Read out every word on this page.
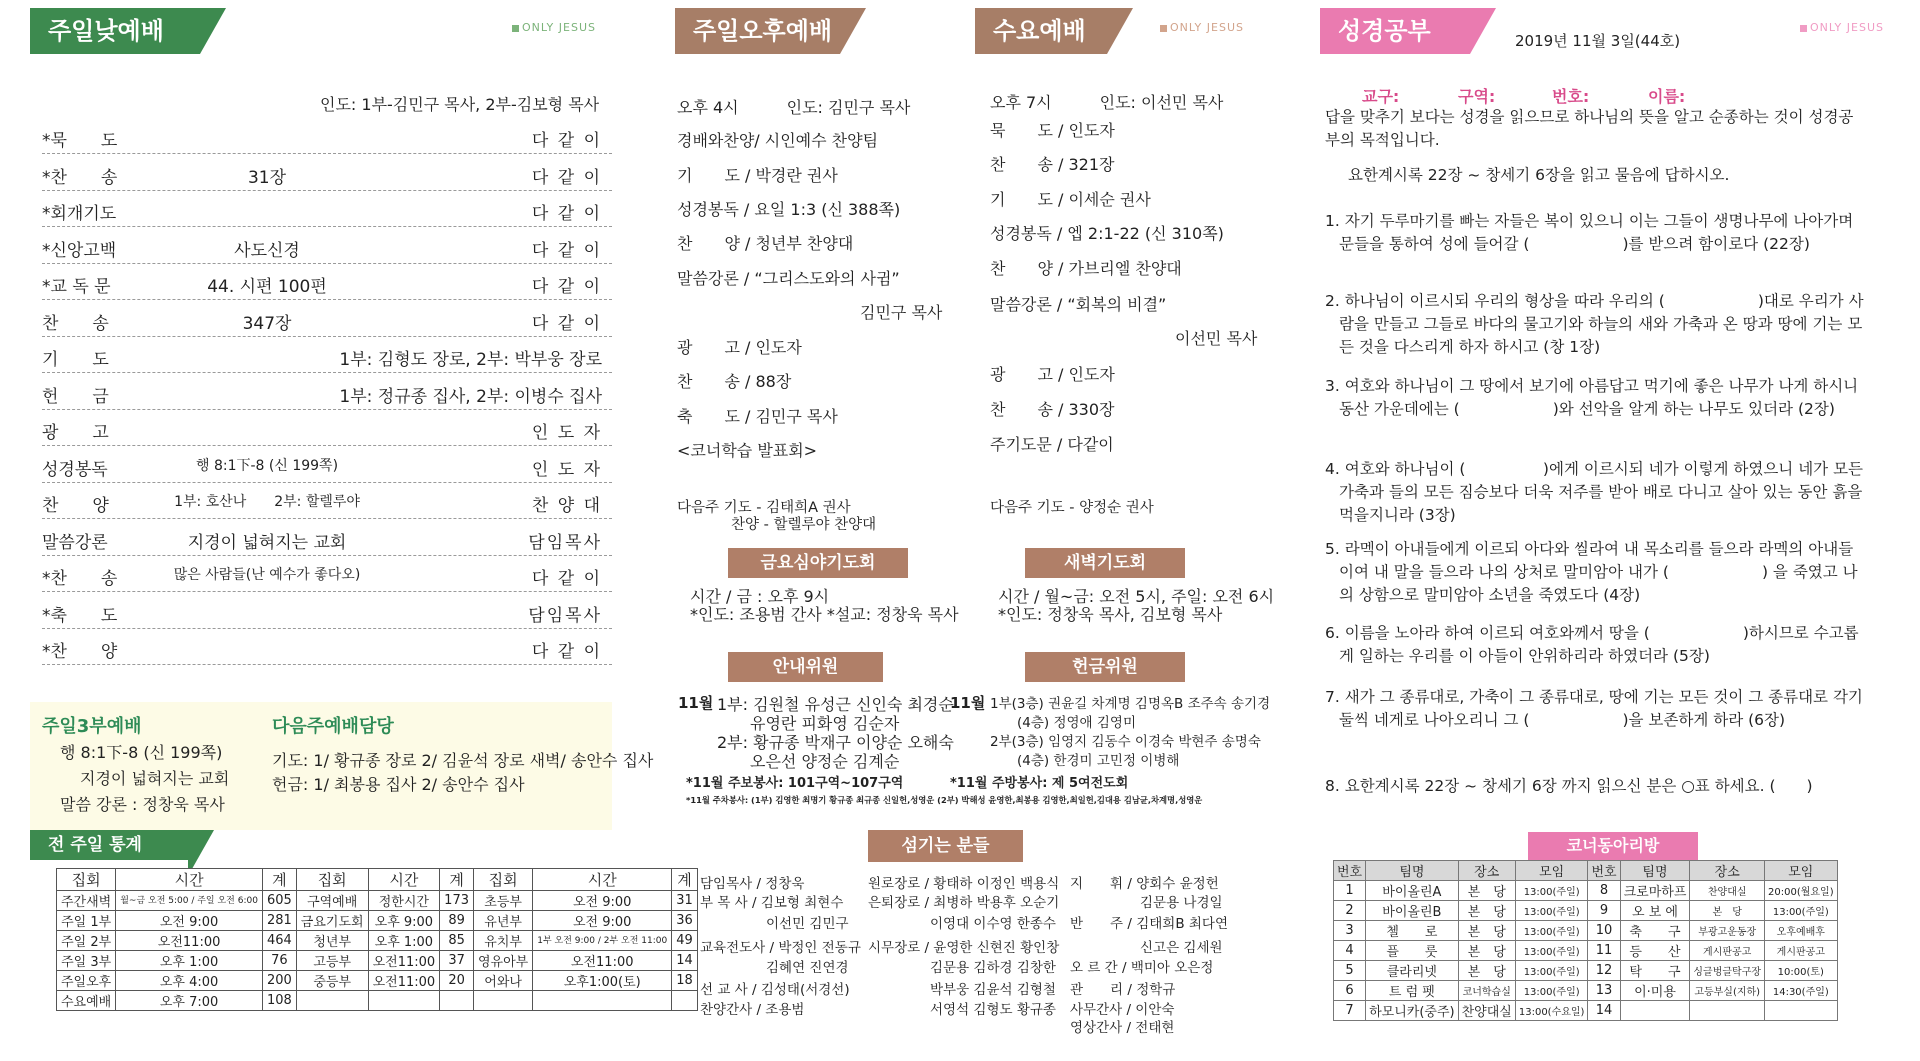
주일낮예배	ONLY JESUS
인도: 1부-김민구 목사, 2부-김보형 목사
*묵　　도	다 같 이
*찬　　송	31장	다 같 이
*회개기도	다 같 이
*신앙고백	사도신경	다 같 이
*교 독 문	44. 시편 100편	다 같 이
찬　　송	347장	다 같 이
기　　도	1부: 김형도 장로, 2부: 박부웅 장로
헌　　금	1부: 정규종 집사, 2부: 이병수 집사
광　　고	인 도 자
성경봉독	행 8:1下-8 (신 199쪽)	인 도 자
찬　　양	1부: 호산나　　2부: 할렐루야	찬 양 대
말씀강론	지경이 넓혀지는 교회	담임목사
*찬　　송	많은 사람들(난 예수가 좋다오)	다 같 이
*축　　도	담임목사
*찬　　양	다 같 이
주일3부예배
행 8:1下-8 (신 199쪽)
지경이 넓혀지는 교회
말씀 강론 : 정창욱 목사
다음주예배담당
기도: 1/ 황규종 장로 2/ 김윤석 장로 새벽/ 송안수 집사
헌금: 1/ 최봉용 집사 2/ 송안수 집사
전 주일 통계
집회	시간	계	집회	시간	계	집회	시간	계
주간새벽	월~금 오전 5:00 / 주일 오전 6:00	605	구역예배	정한시간	173	초등부	오전 9:00	31
주일 1부	오전 9:00	281	금요기도회	오후 9:00	89	유년부	오전 9:00	36
주일 2부	오전11:00	464	청년부	오후 1:00	85	유치부	1부 오전 9:00 / 2부 오전 11:00	49
주일 3부	오후 1:00	76	고등부	오전11:00	37	영유아부	오전11:00	14
주일오후	오후 4:00	200	중등부	오전11:00	20	어와나	오후1:00(토)	18
수요예배	오후 7:00	108						
주일오후예배
오후 4시　　　인도: 김민구 목사
경배와찬양/ 시인예수 찬양팀
기　　도 / 박경란 권사
성경봉독 / 요일 1:3 (신 388쪽)
찬　　양 / 청년부 찬양대
말씀강론 / “그리스도와의 사귐”
김민구 목사
광　　고 / 인도자
찬　　송 / 88장
축　　도 / 김민구 목사
<코너학습 발표회>
다음주 기도 - 김태희A 권사
찬양 - 할렐루야 찬양대
수요예배	ONLY JESUS
오후 7시　　　인도: 이선민 목사
묵　　도 / 인도자
찬　　송 / 321장
기　　도 / 이세순 권사
성경봉독 / 엡 2:1-22 (신 310쪽)
찬　　양 / 가브리엘 찬양대
말씀강론 / “회복의 비결”
이선민 목사
광　　고 / 인도자
찬　　송 / 330장
주기도문 / 다같이
다음주 기도 - 양정순 권사
금요심야기도회
시간 / 금 : 오후 9시
*인도: 조용범 간사 *설교: 정창욱 목사
새벽기도회
시간 / 월~금: 오전 5시, 주일: 오전 6시
*인도: 정창욱 목사, 김보형 목사
안내위원
11월 1부: 김원철 유성근 신인숙 최경순
유영란 피화영 김순자
2부: 황규종 박재구 이양순 오해숙
오은선 양정순 김계순
*11월 주보봉사: 101구역~107구역
헌금위원
11월 1부(3층) 권윤길 차계명 김명옥B 조주속 송기경
(4층) 정영애 김영미
2부(3층) 임영지 김동수 이경숙 박현주 송명숙
(4층) 한경미 고민정 이병해
*11월 주방봉사: 제 5여전도회
*11월 주차봉사: (1부) 김영한 최명기 황규종 최규종 신일헌,성영운 (2부) 박해성 윤영한,최봉용 김영한,최일헌,김대용 김남균,차계명,성영운
섬기는 분들
담임목사 / 정창욱
부 목 사 / 김보형 최현수
이선민 김민구
교육전도사 / 박정인 전동규
김혜연 진연경
선 교 사 / 김성태(서경선)
찬양간사 / 조용범
원로장로 / 황태하 이정인 백용식
은퇴장로 / 최병하 박용후 오순기
이영대 이수영 한종수
시무장로 / 윤영한 신현진 황인창
김문용 김하경 김창한
박부웅 김윤석 김형철
서영석 김형도 황규종
지　　휘 / 양회수 윤정헌
김문용 나경일
반　　주 / 김태희B 최다연
신고은 김세원
오 르 간 / 백미아 오은정
관　　리 / 정학규
사무간사 / 이안숙
영상간사 / 전태현
성경공부	2019년 11월 3일(44호)
ONLY JESUS
교구:	구역:	번호:	이름:
답을 맞추기 보다는 성경을 읽으므로 하나님의 뜻을 알고 순종하는 것이 성경공부의 목적입니다.
요한계시록 22장 ~ 창세기 6장을 읽고 물음에 답하시오.
1. 자기 두루마기를 빠는 자들은 복이 있으니 이는 그들이 생명나무에 나아가며 문들을 통하여 성에 들어갈 (　　　　　　)를 받으려 함이로다 (22장)
2. 하나님이 이르시되 우리의 형상을 따라 우리의 (　　　　　　)대로 우리가 사람을 만들고 그들로 바다의 물고기와 하늘의 새와 가축과 온 땅과 땅에 기는 모든 것을 다스리게 하자 하시고 (창 1장)
3. 여호와 하나님이 그 땅에서 보기에 아름답고 먹기에 좋은 나무가 나게 하시니 동산 가운데에는 (　　　　　　)와 선악을 알게 하는 나무도 있더라 (2장)
4. 여호와 하나님이 (　　　　　)에게 이르시되 네가 이렇게 하였으니 네가 모든 가축과 들의 모든 짐승보다 더욱 저주를 받아 배로 다니고 살아 있는 동안 흙을 먹을지니라 (3장)
5. 라멕이 아내들에게 이르되 아다와 씰라여 내 목소리를 들으라 라멕의 아내들이여 내 말을 들으라 나의 상처로 말미암아 내가 (　　　　　　) 을 죽였고 나의 상함으로 말미암아 소년을 죽였도다 (4장)
6. 이름을 노아라 하여 이르되 여호와께서 땅을 (　　　　　　)하시므로 수고롭게 일하는 우리를 이 아들이 안위하리라 하였더라 (5장)
7. 새가 그 종류대로, 가축이 그 종류대로, 땅에 기는 모든 것이 그 종류대로 각기 둘씩 네게로 나아오리니 그 (　　　　　　)을 보존하게 하라 (6장)
8. 요한계시록 22장 ~ 창세기 6장 까지 읽으신 분은 ○표 하세요. (　　)
코너동아리방
번호	팀명	장소	모임	번호	팀명	장소	모임
1	바이올린A	본　당	13:00(주일)	8	크로마하프	찬양대실	20:00(월요일)
2	바이올린B	본　당	13:00(주일)	9	오 보 에	본　당	13:00(주일)
3	첼　　로	본　당	13:00(주일)	10	축　　구	부광고운동장	오후예배후
4	플　　룻	본　당	13:00(주일)	11	등　　산	게시판공고	게시판공고
5	클라리넷	본　당	13:00(주일)	12	탁　　구	싱글벙글탁구장	10:00(토)
6	트 럼 펫	코너학습실	13:00(주일)	13	이·미용	고등부실(지하)	14:30(주일)
7	하모니카(중주)	찬양대실	13:00(수요일)	14			
